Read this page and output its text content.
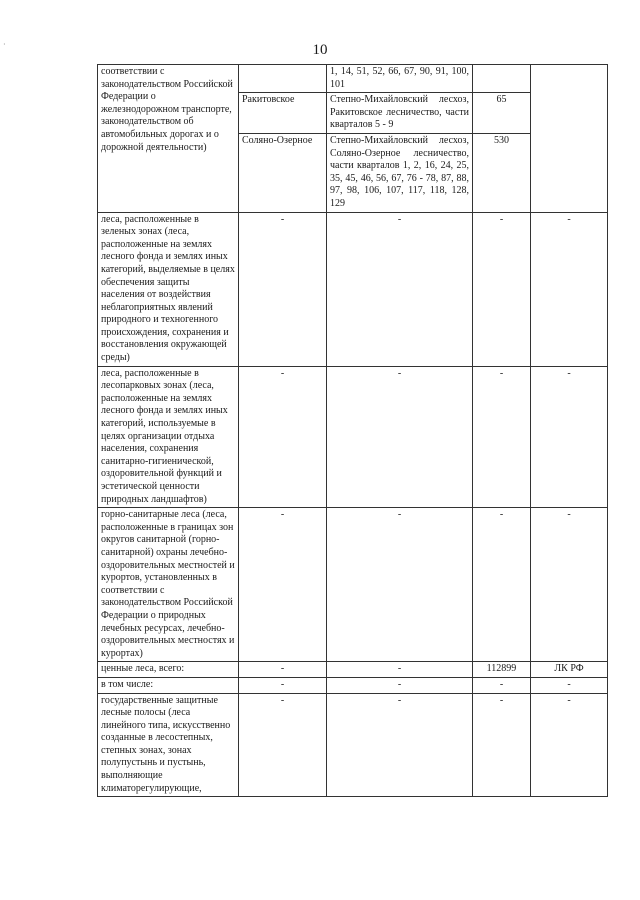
·	10
соответствии с законодательством Российской Федерации о железнодорожном транспорте, законодательством об автомобильных дорогах и о дорожной деятельности)		1, 14, 51, 52, 66, 67, 90, 91, 100, 101		
	Ракитовское	Степно-Михайловский лесхоз, Ракитовское лесничество, части кварталов 5 - 9	65	
	Соляно-Озерное	Степно-Михайловский лесхоз, Соляно-Озерное лесничество, части кварталов 1, 2, 16, 24, 25, 35, 45, 46, 56, 67, 76 - 78, 87, 88, 97, 98, 106, 107, 117, 118, 128, 129	530	
леса, расположенные в зеленых зонах (леса, расположенные на землях лесного фонда и землях иных категорий, выделяемые в целях обеспечения защиты населения от воздействия неблагоприятных явлений природного и техногенного происхождения, сохранения и восстановления окружающей среды)	-	-	-	-
леса, расположенные в лесопарковых зонах (леса, расположенные на землях лесного фонда и землях иных категорий, используемые в целях организации отдыха населения, сохранения санитарно-гигиенической, оздоровительной функций и эстетической ценности природных ландшафтов)	-	-	-	-
горно-санитарные леса (леса, расположенные в границах зон округов санитарной (горно-санитарной) охраны лечебно-оздоровительных местностей и курортов, установленных в соответствии с законодательством Российской Федерации о природных лечебных ресурсах, лечебно-оздоровительных местностях и курортах)	-	-	-	-
ценные леса, всего:	-	-	112899	ЛК РФ
в том числе:	-	-	-	-
государственные защитные лесные полосы (леса линейного типа, искусственно созданные в лесостепных, степных зонах, зонах полупустынь и пустынь, выполняющие климаторегулирующие,	-	-	-	-
